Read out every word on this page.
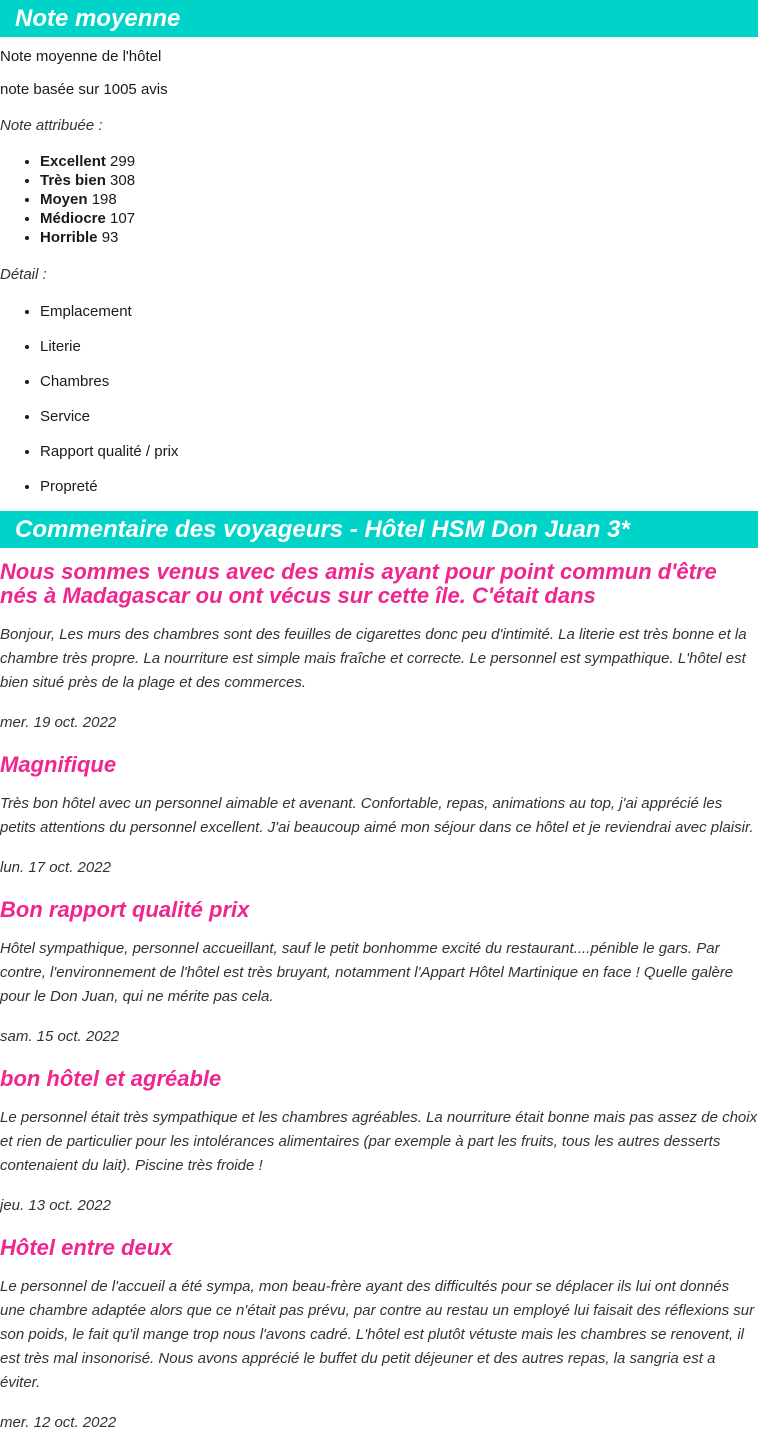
Note moyenne

Note moyenne de l'hôtel

note basée sur 1005 avis

Note attribuée :

• Excellent 299
• Très bien 308
• Moyen 198
• Médiocre 107
• Horrible 93

Détail :

• Emplacement
• Literie
• Chambres
• Service
• Rapport qualité / prix
• Propreté
Commentaire des voyageurs - Hôtel HSM Don Juan 3*
Nous sommes venus avec des amis ayant pour point commun d'être nés à Madagascar ou ont vécus sur cette île. C'était dans

Bonjour, Les murs des chambres sont des feuilles de cigarettes donc peu d'intimité. La literie est très bonne et la chambre très propre. La nourriture est simple mais fraîche et correcte. Le personnel est sympathique. L'hôtel est bien situé près de la plage et des commerces.

mer. 19 oct. 2022

Magnifique

Très bon hôtel avec un personnel aimable et avenant. Confortable, repas, animations au top, j'ai apprécié les petits attentions du personnel excellent. J'ai beaucoup aimé mon séjour dans ce hôtel et je reviendrai avec plaisir.

lun. 17 oct. 2022

Bon rapport qualité prix

Hôtel sympathique, personnel accueillant, sauf le petit bonhomme excité du restaurant....pénible le gars. Par contre, l'environnement de l'hôtel est très bruyant, notamment l'Appart Hôtel Martinique en face ! Quelle galère pour le Don Juan, qui ne mérite pas cela.

sam. 15 oct. 2022

bon hôtel et agréable

Le personnel était très sympathique et les chambres agréables. La nourriture était bonne mais pas assez de choix et rien de particulier pour les intolérances alimentaires (par exemple à part les fruits, tous les autres desserts contenaient du lait). Piscine très froide !

jeu. 13 oct. 2022

Hôtel entre deux

Le personnel de l'accueil a été sympa, mon beau-frère ayant des difficultés pour se déplacer ils lui ont donnés une chambre adaptée alors que ce n'était pas prévu, par contre au restau un employé lui faisait des réflexions sur son poids, le fait qu'il mange trop nous l'avons cadré. L'hôtel est plutôt vétuste mais les chambres se renovent, il est très mal insonorisé. Nous avons apprécié le buffet du petit déjeuner et des autres repas, la sangria est a éviter.

mer. 12 oct. 2022
